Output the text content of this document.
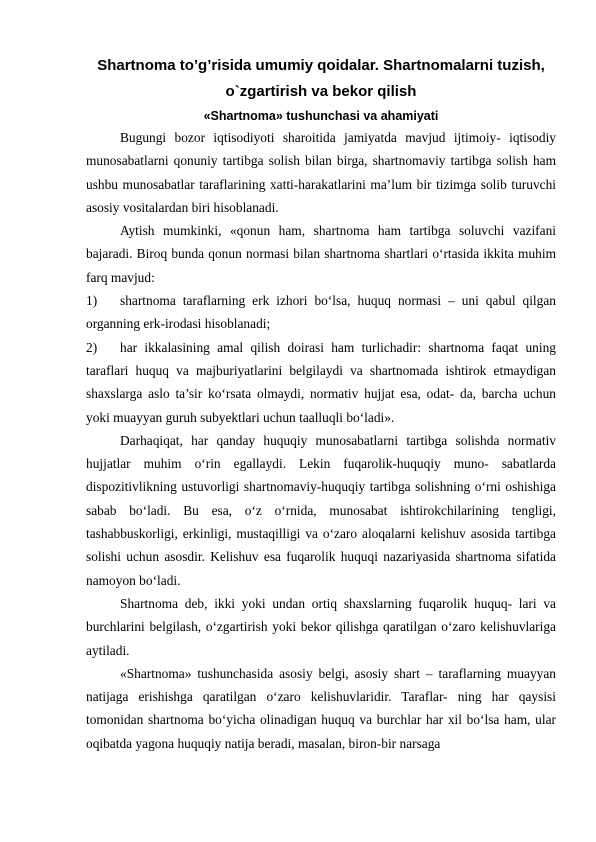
Shartnoma to’g’risida umumiy qoidalar. Shartnomalarni tuzish, o`zgartirish va bekor qilish
«Shartnoma» tushunchasi va ahamiyati

Bugungi bozor iqtisodiyoti sharoitida jamiyatda mavjud ijtimoiy- iqtisodiy munosabatlarni qonuniy tartibga solish bilan birga, shartnomaviy tartibga solish ham ushbu munosabatlar taraflarining xatti-harakatlarini ma’lum bir tizimga solib turuvchi asosiy vositalardan biri hisoblanadi.

Aytish mumkinki, «qonun ham, shartnoma ham tartibga soluvchi vazifani bajaradi. Biroq bunda qonun normasi bilan shartnoma shartlari o‘rtasida ikkita muhim farq mavjud:

1) shartnoma taraflarning erk izhori bo‘lsa, huquq normasi – uni qabul qilgan organning erk-irodasi hisoblanadi;

2) har ikkalasining amal qilish doirasi ham turlichadir: shartnoma faqat uning taraflari huquq va majburiyatlarini belgilaydi va shartnomada ishtirok etmaydigan shaxslarga aslo ta’sir ko‘rsata olmaydi, normativ hujjat esa, odat- da, barcha uchun yoki muayyan guruh subyektlari uchun taalluqli bo‘ladi».

Darhaqiqat, har qanday huquqiy munosabatlarni tartibga solishda normativ hujjatlar muhim o‘rin egallaydi. Lekin fuqarolik-huquqiy muno- sabatlarda dispozitivlikning ustuvorligi shartnomaviy-huquqiy tartibga solishning o‘rni oshishiga sabab bo‘ladi. Bu esa, o‘z o‘rnida, munosabat ishtirokchilarining tengligi, tashabbuskorligi, erkinligi, mustaqilligi va o‘zaro aloqalarni kelishuv asosida tartibga solishi uchun asosdir. Kelishuv esa fuqarolik huquqi nazariyasida shartnoma sifatida namoyon bo‘ladi.

Shartnoma deb, ikki yoki undan ortiq shaxslarning fuqarolik huquq- lari va burchlarini belgilash, o‘zgartirish yoki bekor qilishga qaratilgan o‘zaro kelishuvlariga aytiladi.

«Shartnoma» tushunchasida asosiy belgi, asosiy shart – taraflarning muayyan natijaga erishishga qaratilgan o‘zaro kelishuvlaridir. Taraflar- ning har qaysisi tomonidan shartnoma bo‘yicha olinadigan huquq va burchlar har xil bo‘lsa ham, ular oqibatda yagona huquqiy natija beradi, masalan, biron-bir narsaga
